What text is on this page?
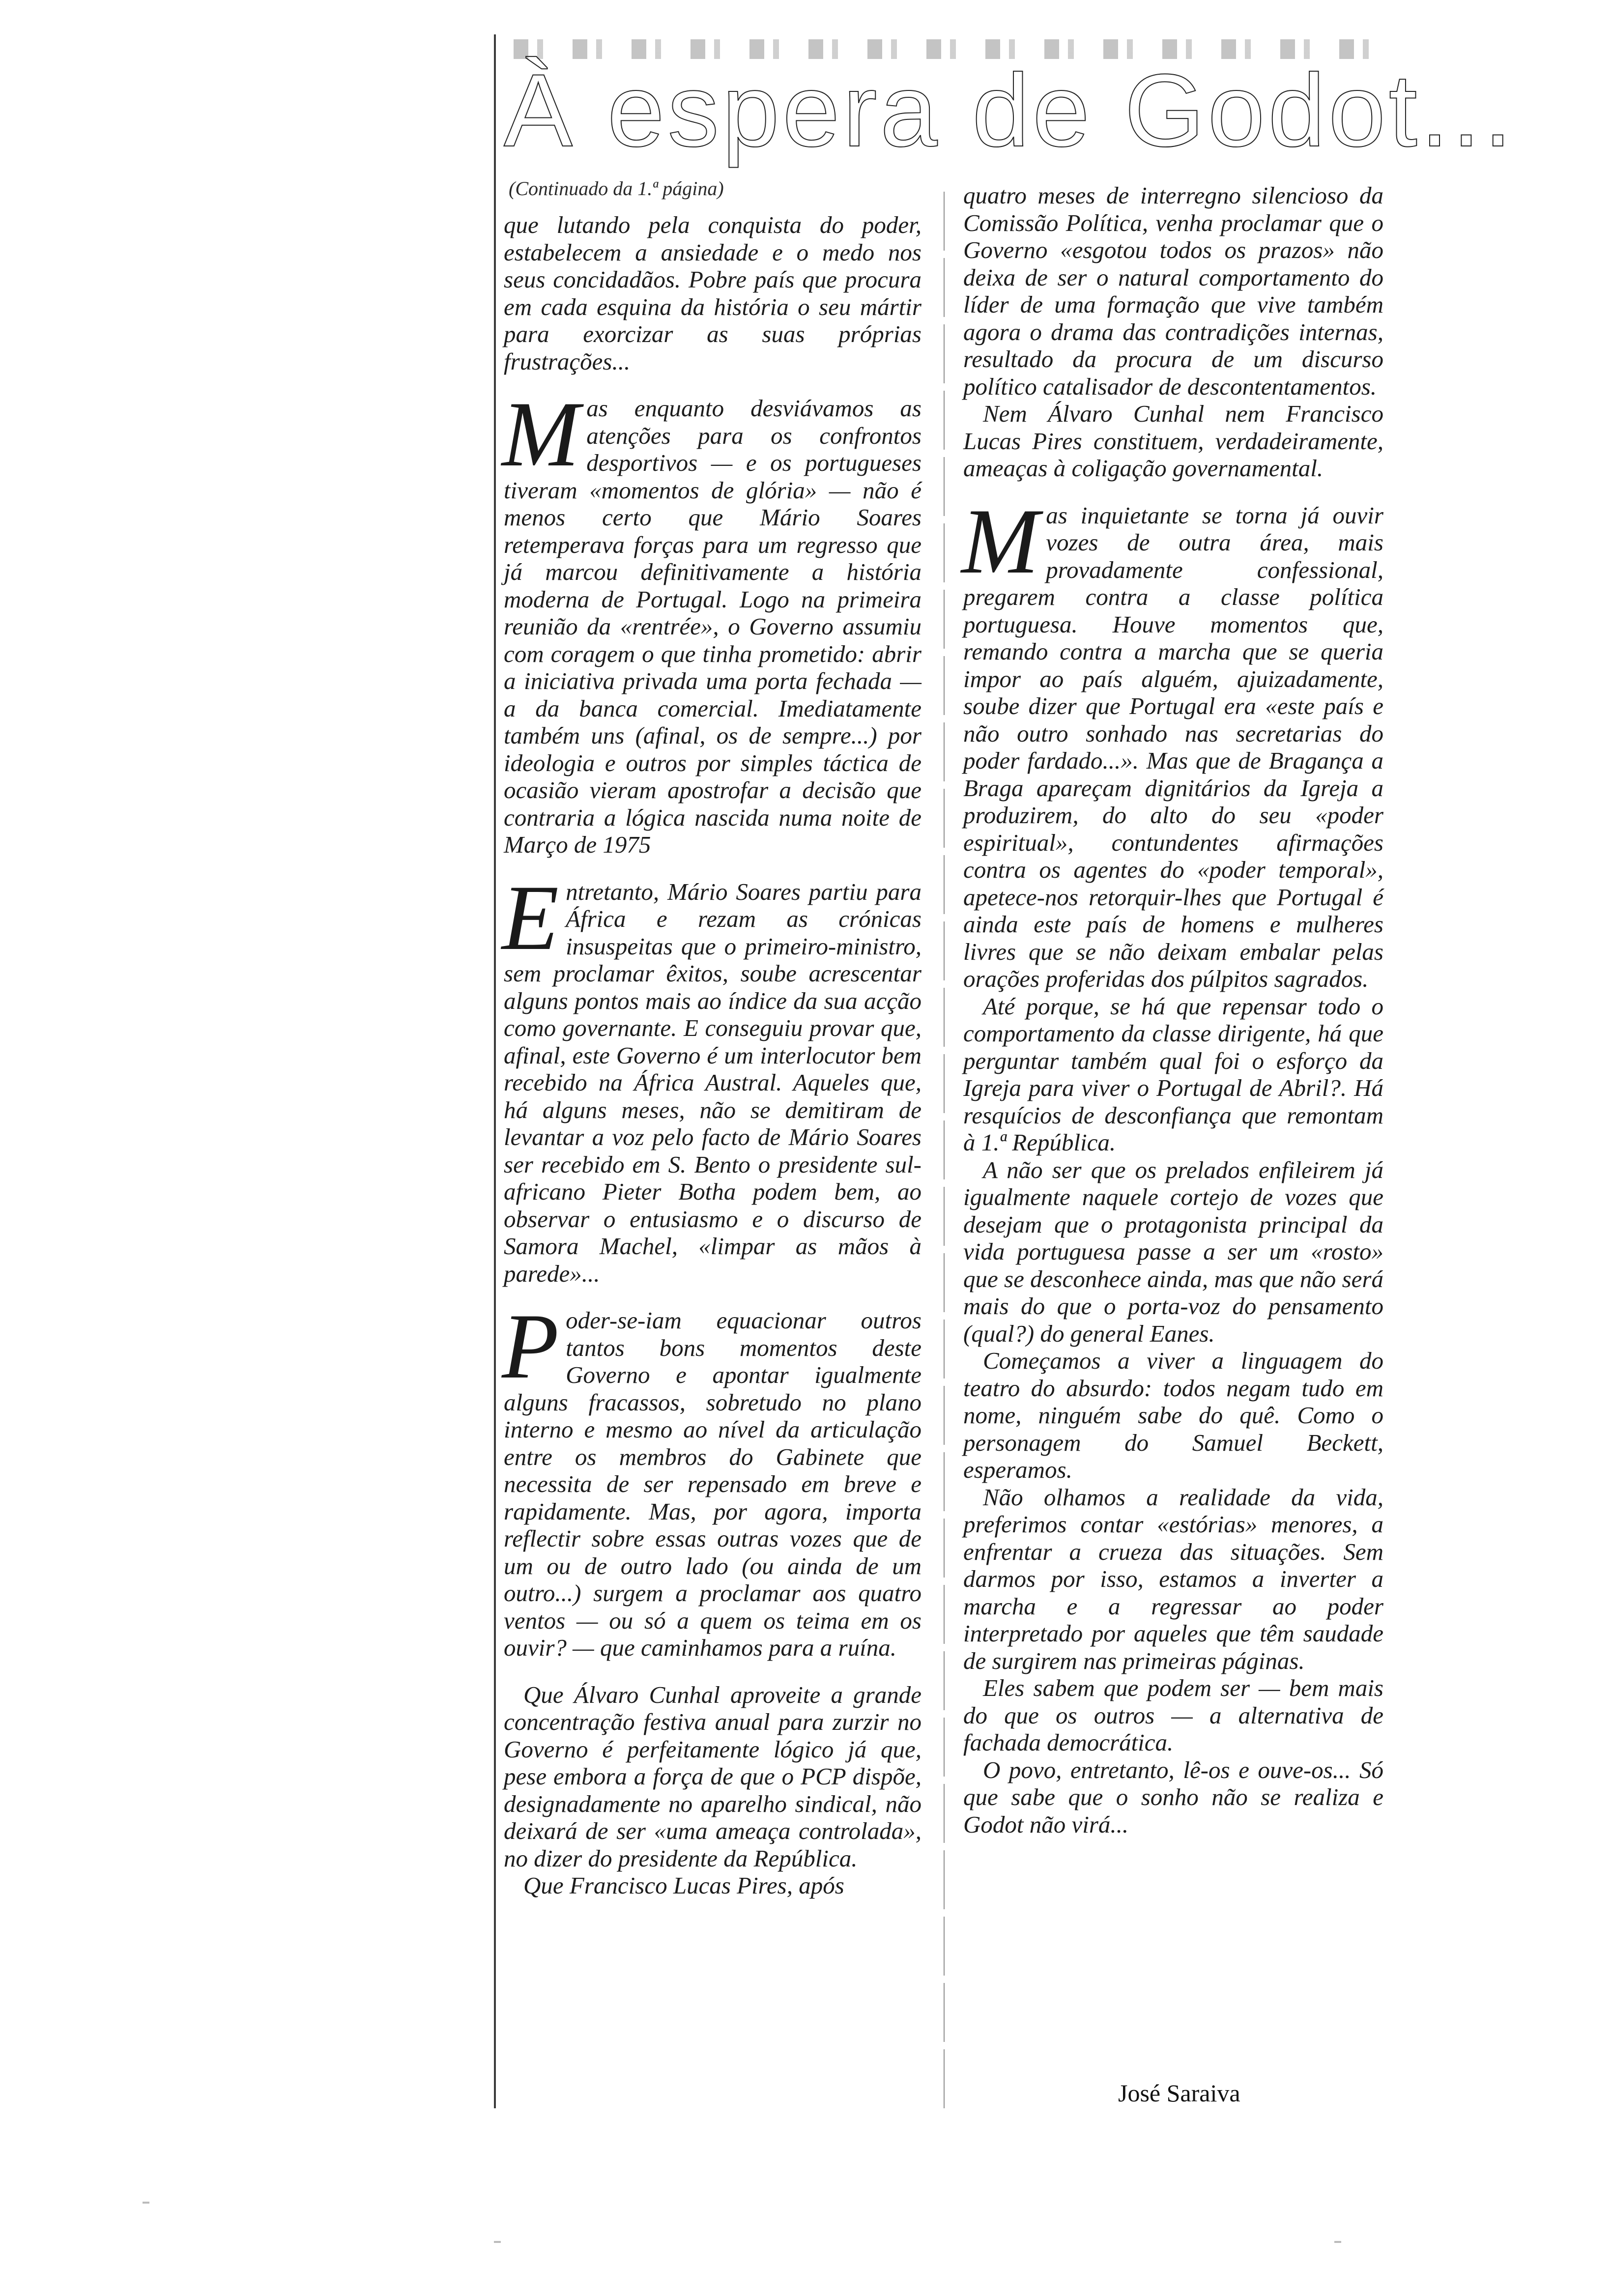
À espera de Godot...
(Continuado da 1.ª página)

que lutando pela conquista do poder, estabelecem a ansiedade e o medo nos seus concidadãos. Pobre país que procura em cada esquina da história o seu mártir para exorcizar as suas próprias frustrações...

Mas enquanto desviávamos as atenções para os confrontos desportivos — e os portugueses tiveram «momentos de glória» — não é menos certo que Mário Soares retemperava forças para um regresso que já marcou definitivamente a história moderna de Portugal. Logo na primeira reunião da «rentrée», o Governo assumiu com coragem o que tinha prometido: abrir a iniciativa privada uma porta fechada — a da banca comercial. Imediatamente também uns (afinal, os de sempre...) por ideologia e outros por simples táctica de ocasião vieram apostrofar a decisão que contraria a lógica nascida numa noite de Março de 1975

Entretanto, Mário Soares partiu para África e rezam as crónicas insuspeitas que o primeiro-ministro, sem proclamar êxitos, soube acrescentar alguns pontos mais ao índice da sua acção como governante. E conseguiu provar que, afinal, este Governo é um interlocutor bem recebido na África Austral. Aqueles que, há alguns meses, não se demitiram de levantar a voz pelo facto de Mário Soares ser recebido em S. Bento o presidente sul-africano Pieter Botha podem bem, ao observar o entusiasmo e o discurso de Samora Machel, «limpar as mãos à parede»...

Poder-se-iam equacionar outros tantos bons momentos deste Governo e apontar igualmente alguns fracassos, sobretudo no plano interno e mesmo ao nível da articulação entre os membros do Gabinete que necessita de ser repensado em breve e rapidamente. Mas, por agora, importa reflectir sobre essas outras vozes que de um ou de outro lado (ou ainda de um outro...) surgem a proclamar aos quatro ventos — ou só a quem os teima em os ouvir? — que caminhamos para a ruína.

Que Álvaro Cunhal aproveite a grande concentração festiva anual para zurzir no Governo é perfeitamente lógico já que, pese embora a força de que o PCP dispõe, designadamente no aparelho sindical, não deixará de ser «uma ameaça controlada», no dizer do presidente da República.

Que Francisco Lucas Pires, após

quatro meses de interregno silencioso da Comissão Política, venha proclamar que o Governo «esgotou todos os prazos» não deixa de ser o natural comportamento do líder de uma formação que vive também agora o drama das contradições internas, resultado da procura de um discurso político catalisador de descontentamentos.

Nem Álvaro Cunhal nem Francisco Lucas Pires constituem, verdadeiramente, ameaças à coligação governamental.

Mas inquietante se torna já ouvir vozes de outra área, mais provadamente confessional, pregarem contra a classe política portuguesa. Houve momentos que, remando contra a marcha que se queria impor ao país alguém, ajuizadamente, soube dizer que Portugal era «este país e não outro sonhado nas secretarias do poder fardado...». Mas que de Bragança a Braga apareçam dignitários da Igreja a produzirem, do alto do seu «poder espiritual», contundentes afirmações contra os agentes do «poder temporal», apetece-nos retorquir-lhes que Portugal é ainda este país de homens e mulheres livres que se não deixam embalar pelas orações proferidas dos púlpitos sagrados.

Até porque, se há que repensar todo o comportamento da classe dirigente, há que perguntar também qual foi o esforço da Igreja para viver o Portugal de Abril?. Há resquícios de desconfiança que remontam à 1.ª República.

A não ser que os prelados enfileirem já igualmente naquele cortejo de vozes que desejam que o protagonista principal da vida portuguesa passe a ser um «rosto» que se desconhece ainda, mas que não será mais do que o porta-voz do pensamento (qual?) do general Eanes.

Começamos a viver a linguagem do teatro do absurdo: todos negam tudo em nome, ninguém sabe do quê. Como o personagem do Samuel Beckett, esperamos.

Não olhamos a realidade da vida, preferimos contar «estórias» menores, a enfrentar a crueza das situações. Sem darmos por isso, estamos a inverter a marcha e a regressar ao poder interpretado por aqueles que têm saudade de surgirem nas primeiras páginas.

Eles sabem que podem ser — bem mais do que os outros — a alternativa de fachada democrática.

O povo, entretanto, lê-os e ouve-os... Só que sabe que o sonho não se realiza e Godot não virá...

José Saraiva
